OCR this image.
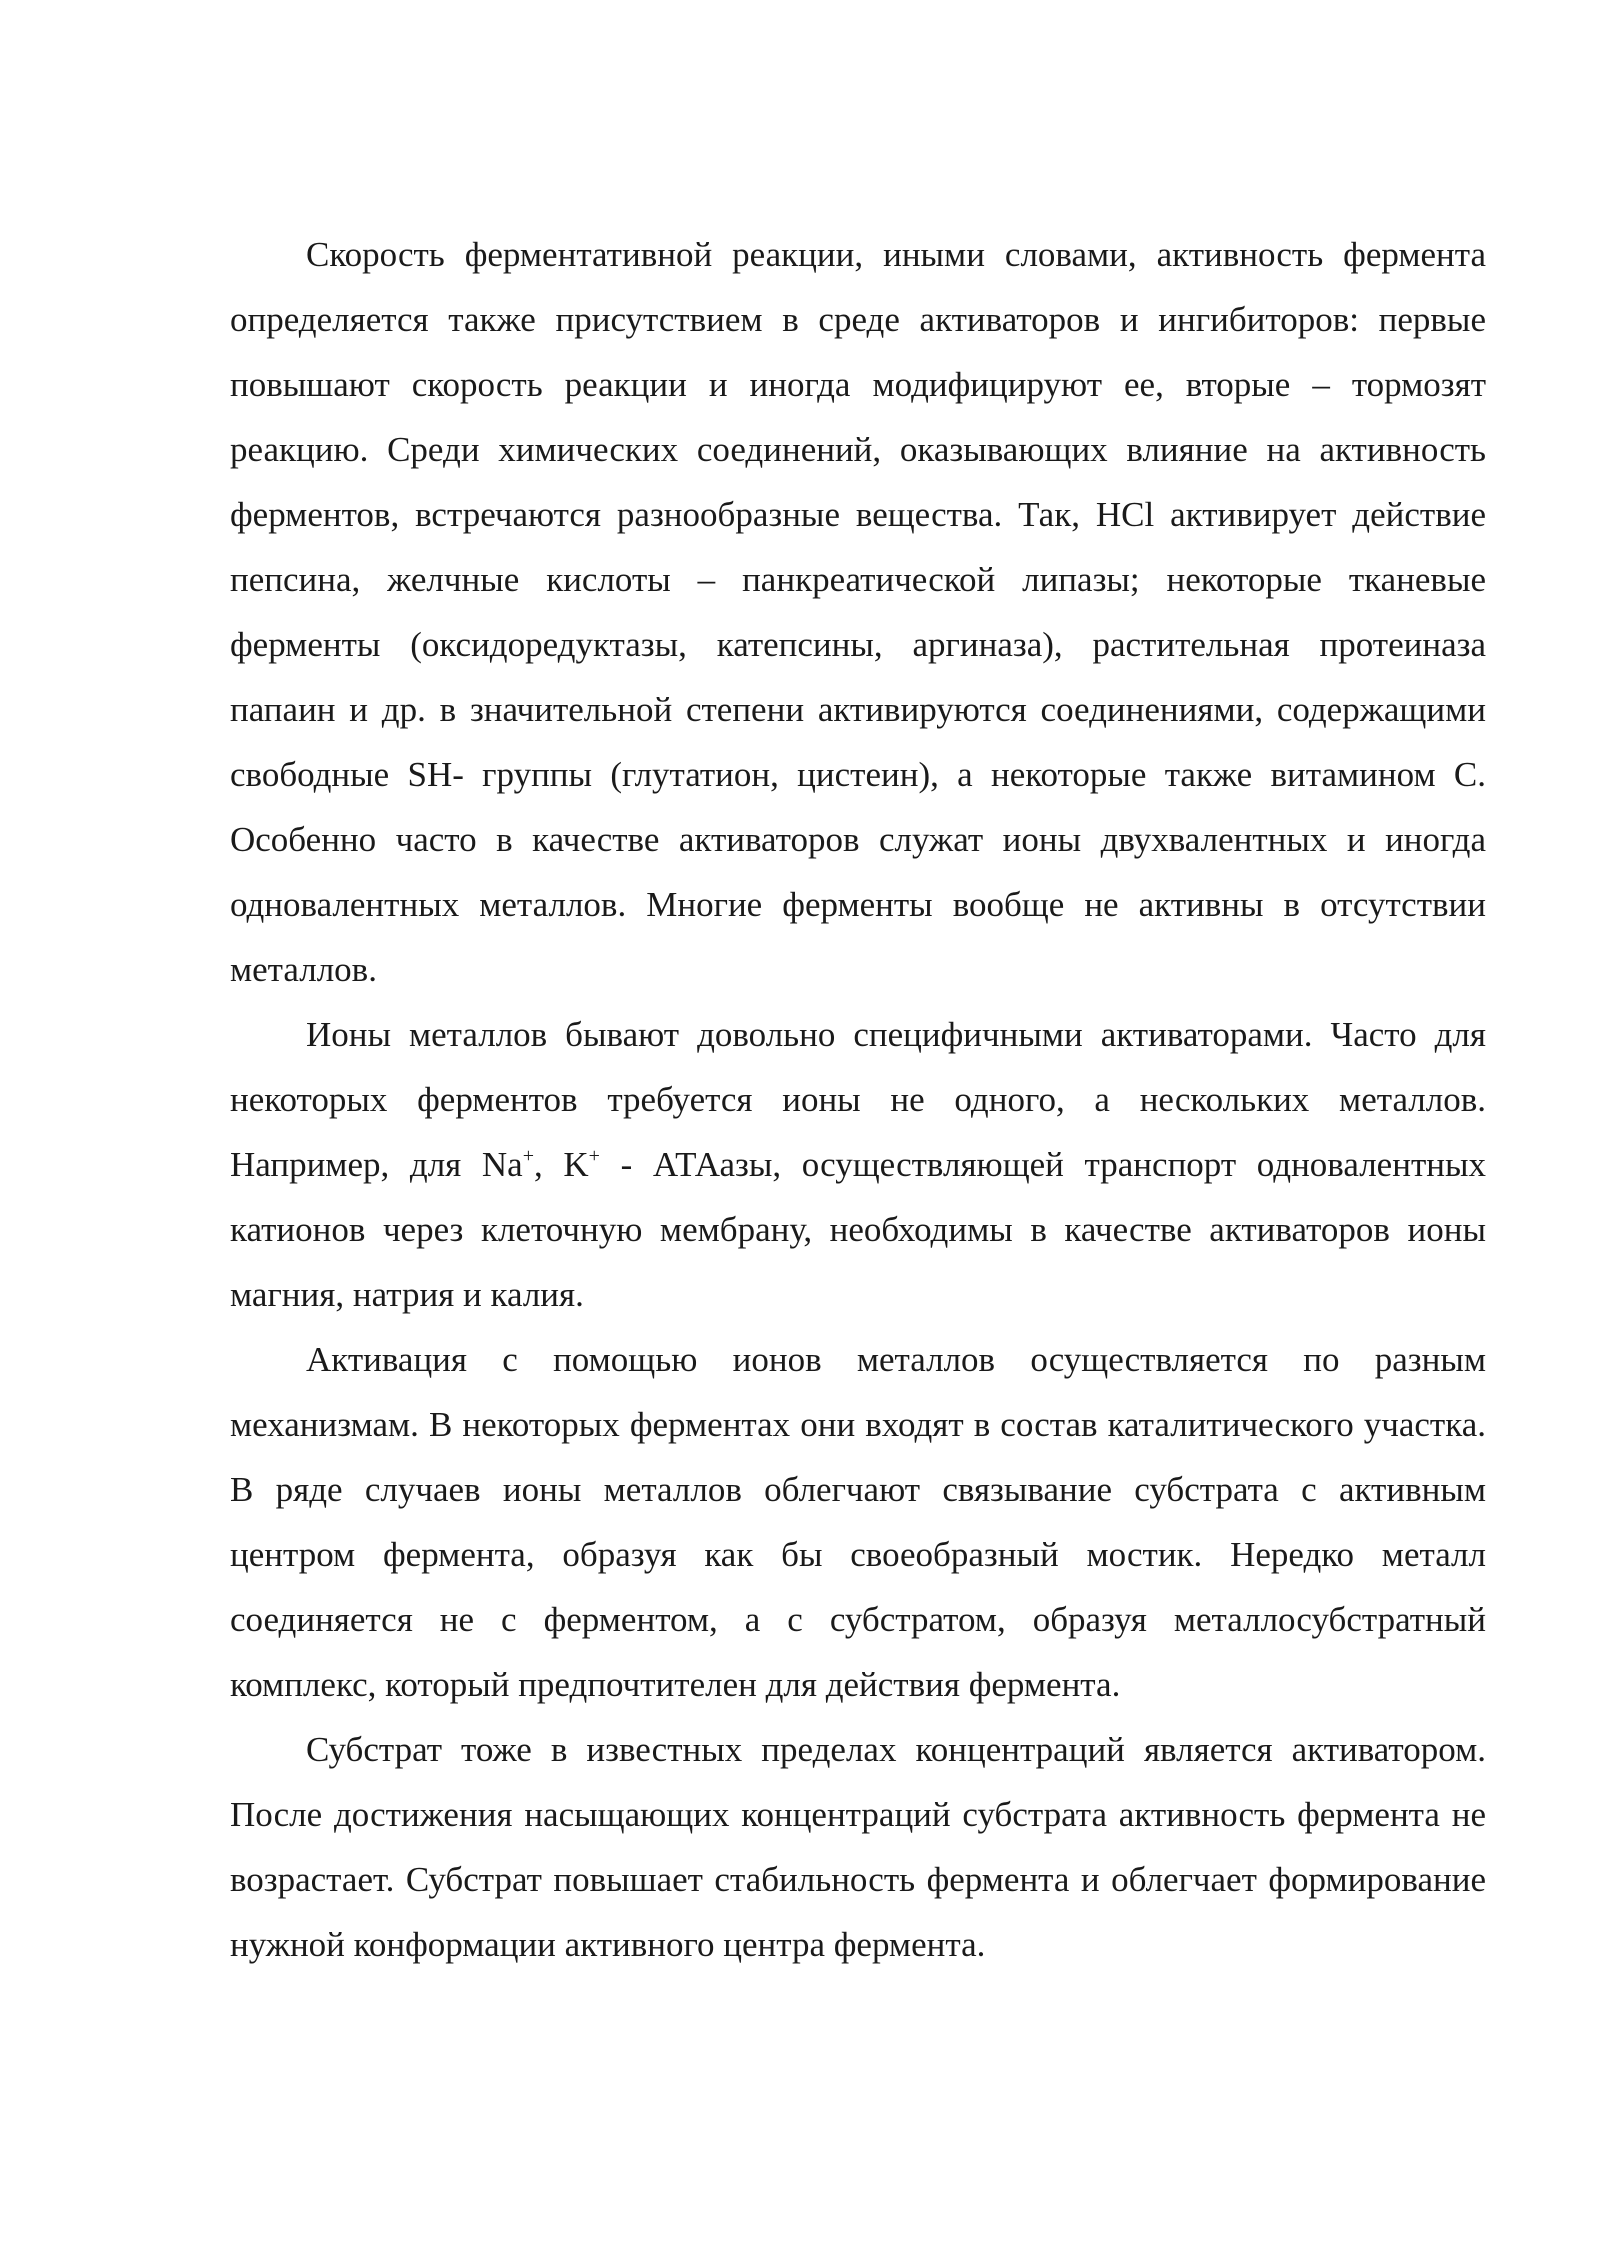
Скорость ферментативной реакции, иными словами, активность фермента определяется также присутствием в среде активаторов и ингибиторов: первые повышают скорость реакции и иногда модифицируют ее, вторые – тормозят реакцию. Среди химических соединений, оказывающих влияние на активность ферментов, встречаются разнообразные вещества. Так, HCl активирует действие пепсина, желчные кислоты – панкреатической липазы; некоторые тканевые ферменты (оксидоредуктазы, катепсины, аргиназа), растительная протеиназа папаин и др. в значительной степени активируются соединениями, содержащими свободные SH- группы (глутатион, цистеин), а некоторые также витамином С. Особенно часто в качестве активаторов служат ионы двухвалентных и иногда одновалентных металлов. Многие ферменты вообще не активны в отсутствии металлов.

Ионы металлов бывают довольно специфичными активаторами. Часто для некоторых ферментов требуется ионы не одного, а нескольких металлов. Например, для Na+, K+ - АТАазы, осуществляющей транспорт одновалентных катионов через клеточную мембрану, необходимы в качестве активаторов ионы магния, натрия и калия.

Активация с помощью ионов металлов осуществляется по разным механизмам. В некоторых ферментах они входят в состав каталитического участка. В ряде случаев ионы металлов облегчают связывание субстрата с активным центром фермента, образуя как бы своеобразный мостик. Нередко металл соединяется не с ферментом, а с субстратом, образуя металлосубстратный комплекс, который предпочтителен для действия фермента.

Субстрат тоже в известных пределах концентраций является активатором. После достижения насыщающих концентраций субстрата активность фермента не возрастает. Субстрат повышает стабильность фермента и облегчает формирование нужной конформации активного центра фермента.
